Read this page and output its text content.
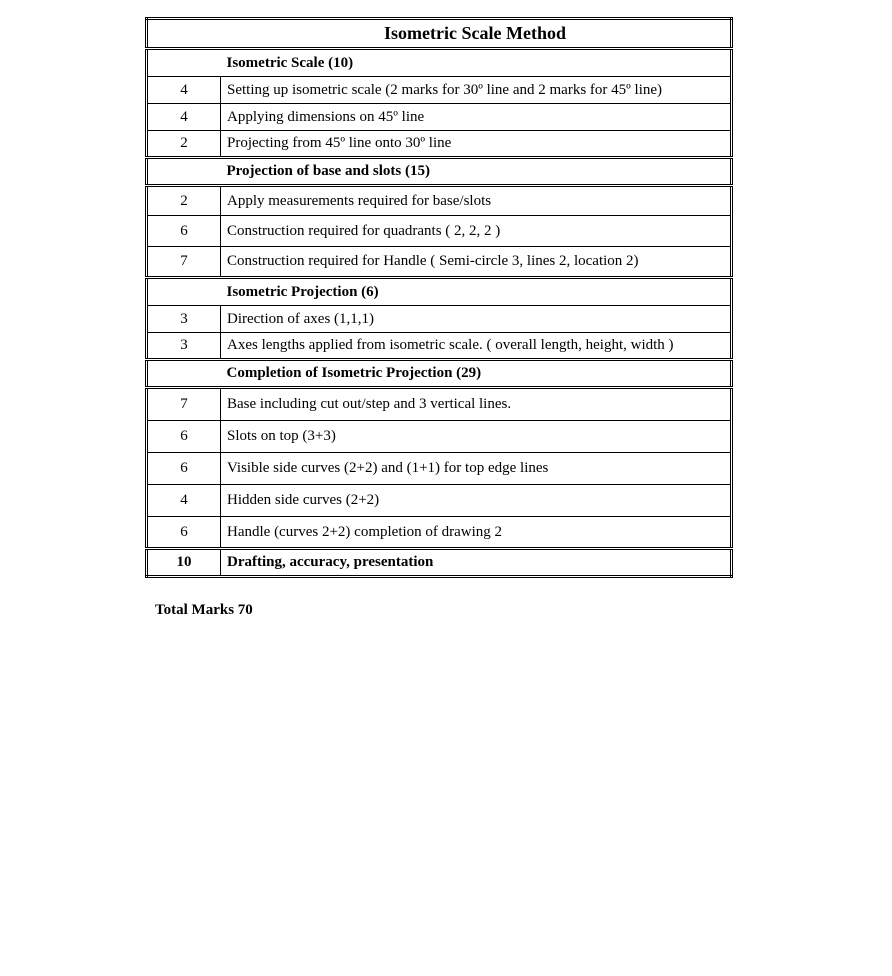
Isometric Scale Method	
	Isometric Scale (10)
4	Setting up isometric scale (2 marks for 30º line and 2 marks for 45º line)
4	Applying dimensions on 45º line
2	Projecting from 45º line onto 30º line
	Projection of base and slots (15)
2	Apply measurements required for base/slots
6	Construction required for quadrants ( 2, 2, 2 )
7	Construction required for Handle ( Semi-circle 3, lines 2, location 2)
	Isometric Projection (6)
3	Direction of axes (1,1,1)
3	Axes lengths applied from isometric scale. ( overall length, height, width )
	Completion of Isometric Projection (29)
7	Base including cut out/step and 3 vertical lines.
6	Slots on top (3+3)
6	Visible side curves (2+2) and (1+1) for top edge lines
4	Hidden side curves (2+2)
6	Handle (curves 2+2) completion of drawing 2
10	Drafting, accuracy, presentation

Total Marks 70
